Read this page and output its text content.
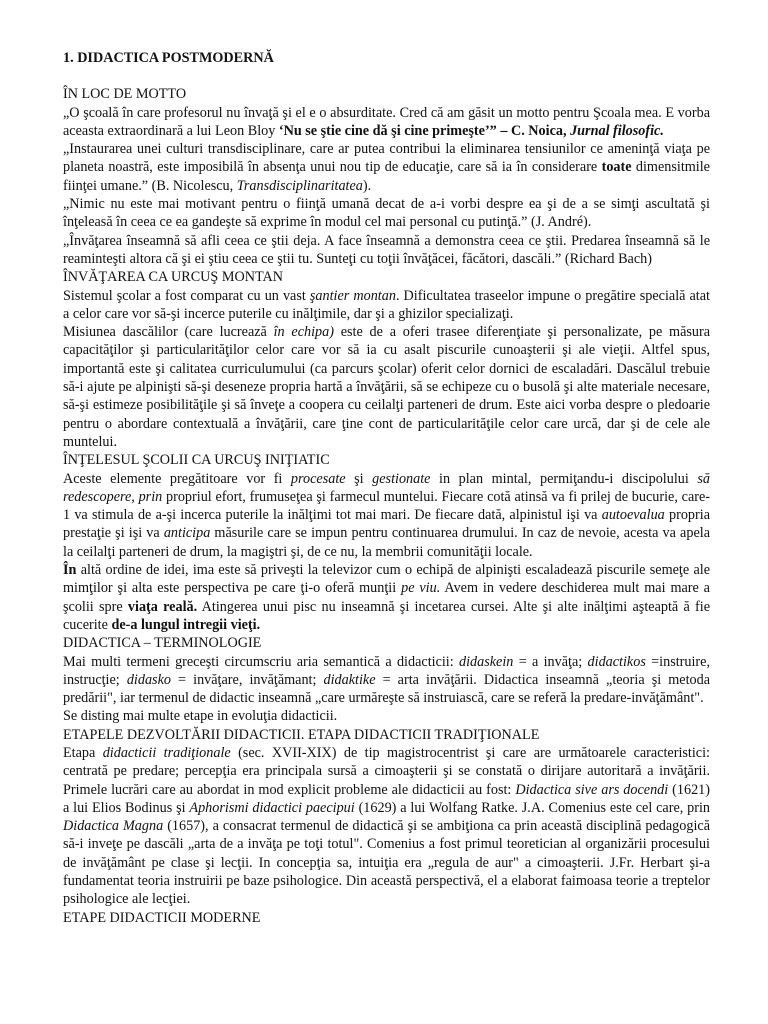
1. DIDACTICA POSTMODERNĂ
ÎN LOC DE MOTTO

„O şcoală în care profesorul nu învaţă şi el e o absurditate. Cred că am găsit un motto pentru Şcoala mea. E vorba aceasta extraordinară a lui Leon Bloy ‘Nu se ştie cine dă şi cine primeşte’” – C. Noica, Jurnal filosofic.

„Instaurarea unei culturi transdisciplinare, care ar putea contribui la eliminarea tensiunilor ce ameninţă viaţa pe planeta noastră, este imposibilă în absenţa unui nou tip de educaţie, care să ia în considerare toate dimensitmile fiinţei umane.” (B. Nicolescu, Transdisciplinaritatea).

„Nimic nu este mai motivant pentru o fiinţă umană decat de a-i vorbi despre ea şi de a se simţi ascultată şi înţeleasă în ceea ce ea gandeşte să exprime în modul cel mai personal cu putinţă.” (J. André).

„Învăţarea înseamnă să afli ceea ce ştii deja. A face înseamnă a demonstra ceea ce ştii. Predarea înseamnă să le reaminteşti altora că şi ei ştiu ceea ce ştii tu. Sunteţi cu toţii învăţăcei, făcători, dascăli.” (Richard Bach)

ÎNVĂŢAREA CA URCUŞ MONTAN

Sistemul şcolar a fost comparat cu un vast şantier montan. Dificultatea traseelor impune o pregătire specială atat a celor care vor să-şi incerce puterile cu inălţimile, dar şi a ghizilor specializaţi.

Misiunea dascălilor (care lucrează în echipa) este de a oferi trasee diferenţiate şi personalizate, pe măsura capacităţilor şi particularităţilor celor care vor să ia cu asalt piscurile cunoaşterii şi ale vieţii. Altfel spus, importantă este şi calitatea curriculumului (ca parcurs şcolar) oferit celor dornici de escaladări. Dascălul trebuie să-i ajute pe alpinişti să-şi deseneze propria hartă a învăţării, să se echipeze cu o busolă şi alte materiale necesare, să-şi estimeze posibilităţile şi să înveţe a coopera cu ceilalţi parteneri de drum. Este aici vorba despre o pledoarie pentru o abordare contextuală a învăţării, care ţine cont de particularităţile celor care urcă, dar şi de cele ale muntelui.

ÎNŢELESUL ŞCOLII CA URCUŞ INIŢIATIC

Aceste elemente pregătitoare vor fi procesate şi gestionate in plan mintal, permiţandu-i discipolului să redescopere, prin propriul efort, frumuseţea şi farmecul muntelui. Fiecare cotă atinsă va fi prilej de bucurie, care-1 va stimula de a-şi incerca puterile la inălţimi tot mai mari. De fiecare dată, alpinistul işi va autoevalua propria prestaţie şi işi va anticipa măsurile care se impun pentru continuarea drumului. In caz de nevoie, acesta va apela la ceilalţi parteneri de drum, la magiştri şi, de ce nu, la membrii comunităţii locale.

În altă ordine de idei, ima este să priveşti la televizor cum o echipă de alpinişti escaladează piscurile semeţe ale mimţilor şi alta este perspectiva pe care ţi-o oferă munţii pe viu. Avem in vedere deschiderea mult mai mare a şcolii spre viaţa reală. Atingerea unui pisc nu inseamnă şi incetarea cursei. Alte şi alte inălţimi aşteaptă ă fie cucerite de-a lungul intregii vieţi.

DIDACTICA – TERMINOLOGIE

Mai multi termeni greceşti circumscriu aria semantică a didacticii: didaskein = a invăţa; didactikos =instruire, instrucţie; didasko = invăţare, invăţămant; didaktike = arta invăţării. Didactica inseamnă „teoria şi metoda predării", iar termenul de didactic inseamnă „care urmăreşte să instruiască, care se referă la predare-invăţământ".

Se disting mai multe etape in evoluţia didacticii.

ETAPELE DEZVOLTĂRII DIDACTICII. ETAPA DIDACTICII TRADIŢIONALE

Etapa didacticii tradiţionale (sec. XVII-XIX) de tip magistrocentrist şi care are următoarele caracteristici: centrată pe predare; percepţia era principala sursă a cimoaşterii şi se constată o dirijare autoritară a invăţării. Primele lucrări care au abordat in mod explicit probleme ale didacticii au fost: Didactica sive ars docendi (1621) a lui Elios Bodinus şi Aphorismi didactici paecipui (1629) a lui Wolfang Ratke. J.A. Comenius este cel care, prin Didactica Magna (1657), a consacrat termenul de didactică şi se ambiţiona ca prin această disciplină pedagogică să-i inveţe pe dascăli „arta de a invăţa pe toţi totul". Comenius a fost primul teoretician al organizării procesului de invăţământ pe clase şi lecţii. In concepţia sa, intuiţia era „regula de aur" a cimoaşterii. J.Fr. Herbart şi-a fundamentat teoria instruirii pe baze psihologice. Din această perspectivă, el a elaborat faimoasa teorie a treptelor psihologice ale lecţiei.

ETAPE DIDACTICII MODERNE
